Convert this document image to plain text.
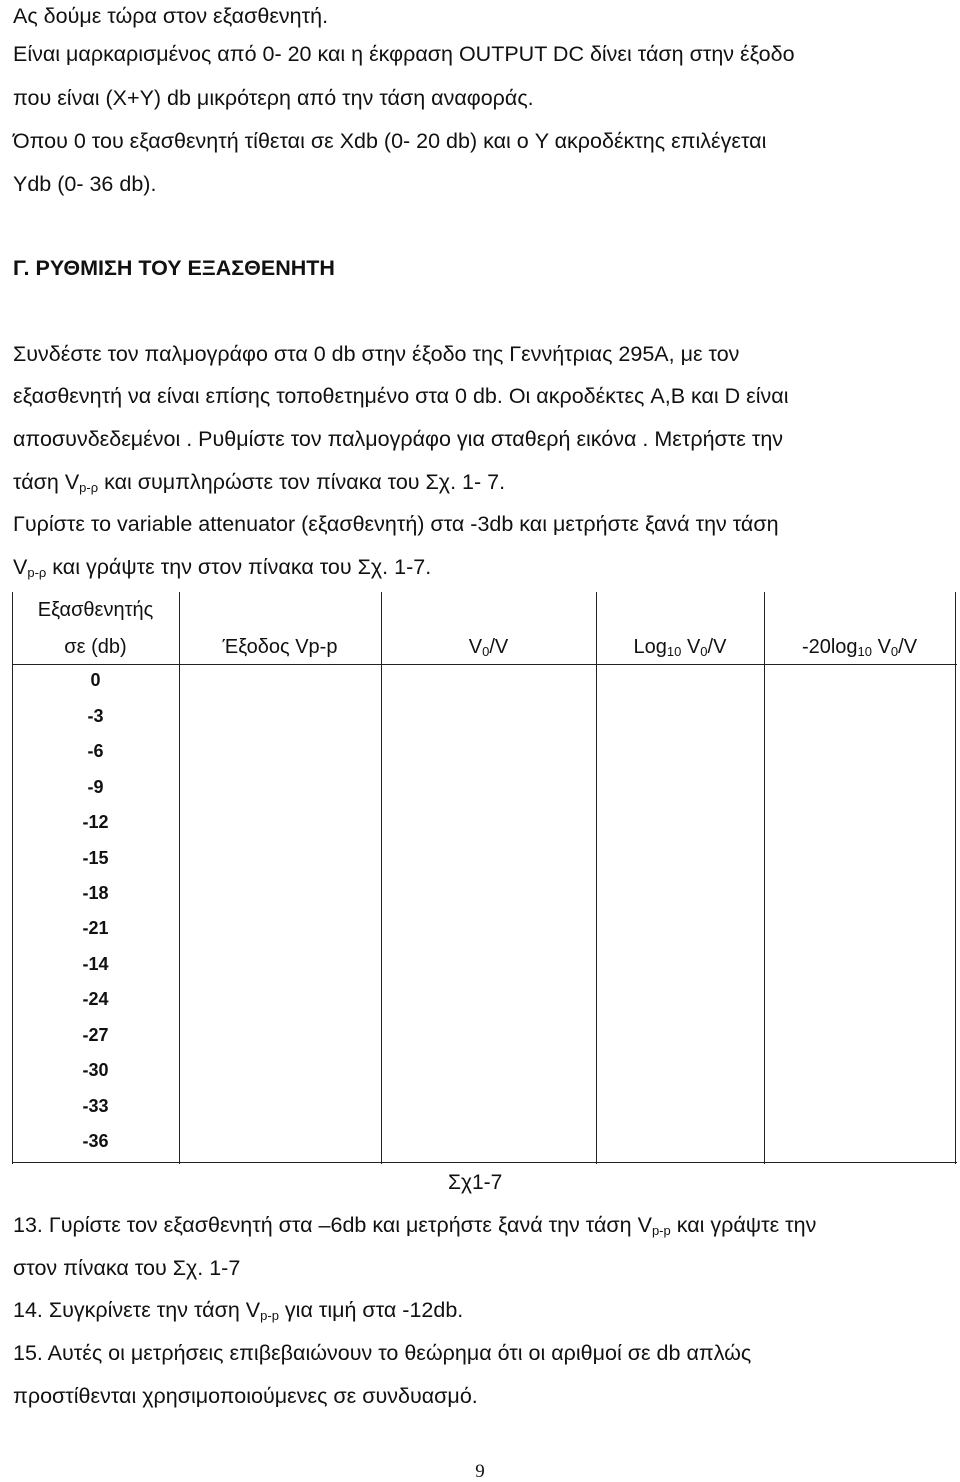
Ας δούμε τώρα στον εξασθενητή.
Είναι μαρκαρισμένος από 0- 20 και η έκφραση OUTPUT DC δίνει τάση στην έξοδο
που είναι (X+Y) db μικρότερη από την τάση αναφοράς.
Όπου 0 του εξασθενητή τίθεται σε Xdb (0- 20 db) και ο Y ακροδέκτης επιλέγεται
Ydb (0- 36 db).
Γ. ΡΥΘΜΙΣΗ ΤΟΥ ΕΞΑΣΘΕΝΗΤΗ
Συνδέστε τον παλμογράφο στα 0 db στην έξοδο της Γεννήτριας 295Α, με τον
εξασθενητή να είναι επίσης τοποθετημένο στα 0 db. Οι ακροδέκτες A,B και D είναι
αποσυνδεδεμένοι . Ρυθμίστε τον παλμογράφο για σταθερή εικόνα . Μετρήστε την
τάση $V_{p-\rho}$ και συμπληρώστε τον πίνακα του Σχ. 1- 7.
Γυρίστε το variable attenuator (εξασθενητή) στα -3db και μετρήστε ξανά την τάση
$V_{p-\rho}$ και γράψτε την στον πίνακα του Σχ. 1-7.
Εξασθενητής
σε (db)	Έξοδος Vp-p	$V_0/V$	Log$_{10}$ $V_0/V$	$-20\log_{10}$ $V_0/V$
0
-3
-6
-9
-12
-15
-18
-21
-14
-24
-27
-30
-33
-36
Σχ1-7
13. Γυρίστε τον εξασθενητή στα –6db και μετρήστε ξανά την τάση $V_{p-p}$ και γράψτε την
στον πίνακα του Σχ. 1-7
14. Συγκρίνετε την τάση $V_{p-p}$ για τιμή στα -12db.
15. Αυτές οι μετρήσεις επιβεβαιώνουν το θεώρημα ότι οι αριθμοί σε db απλώς
προστίθενται χρησιμοποιούμενες σε συνδυασμό.
9
